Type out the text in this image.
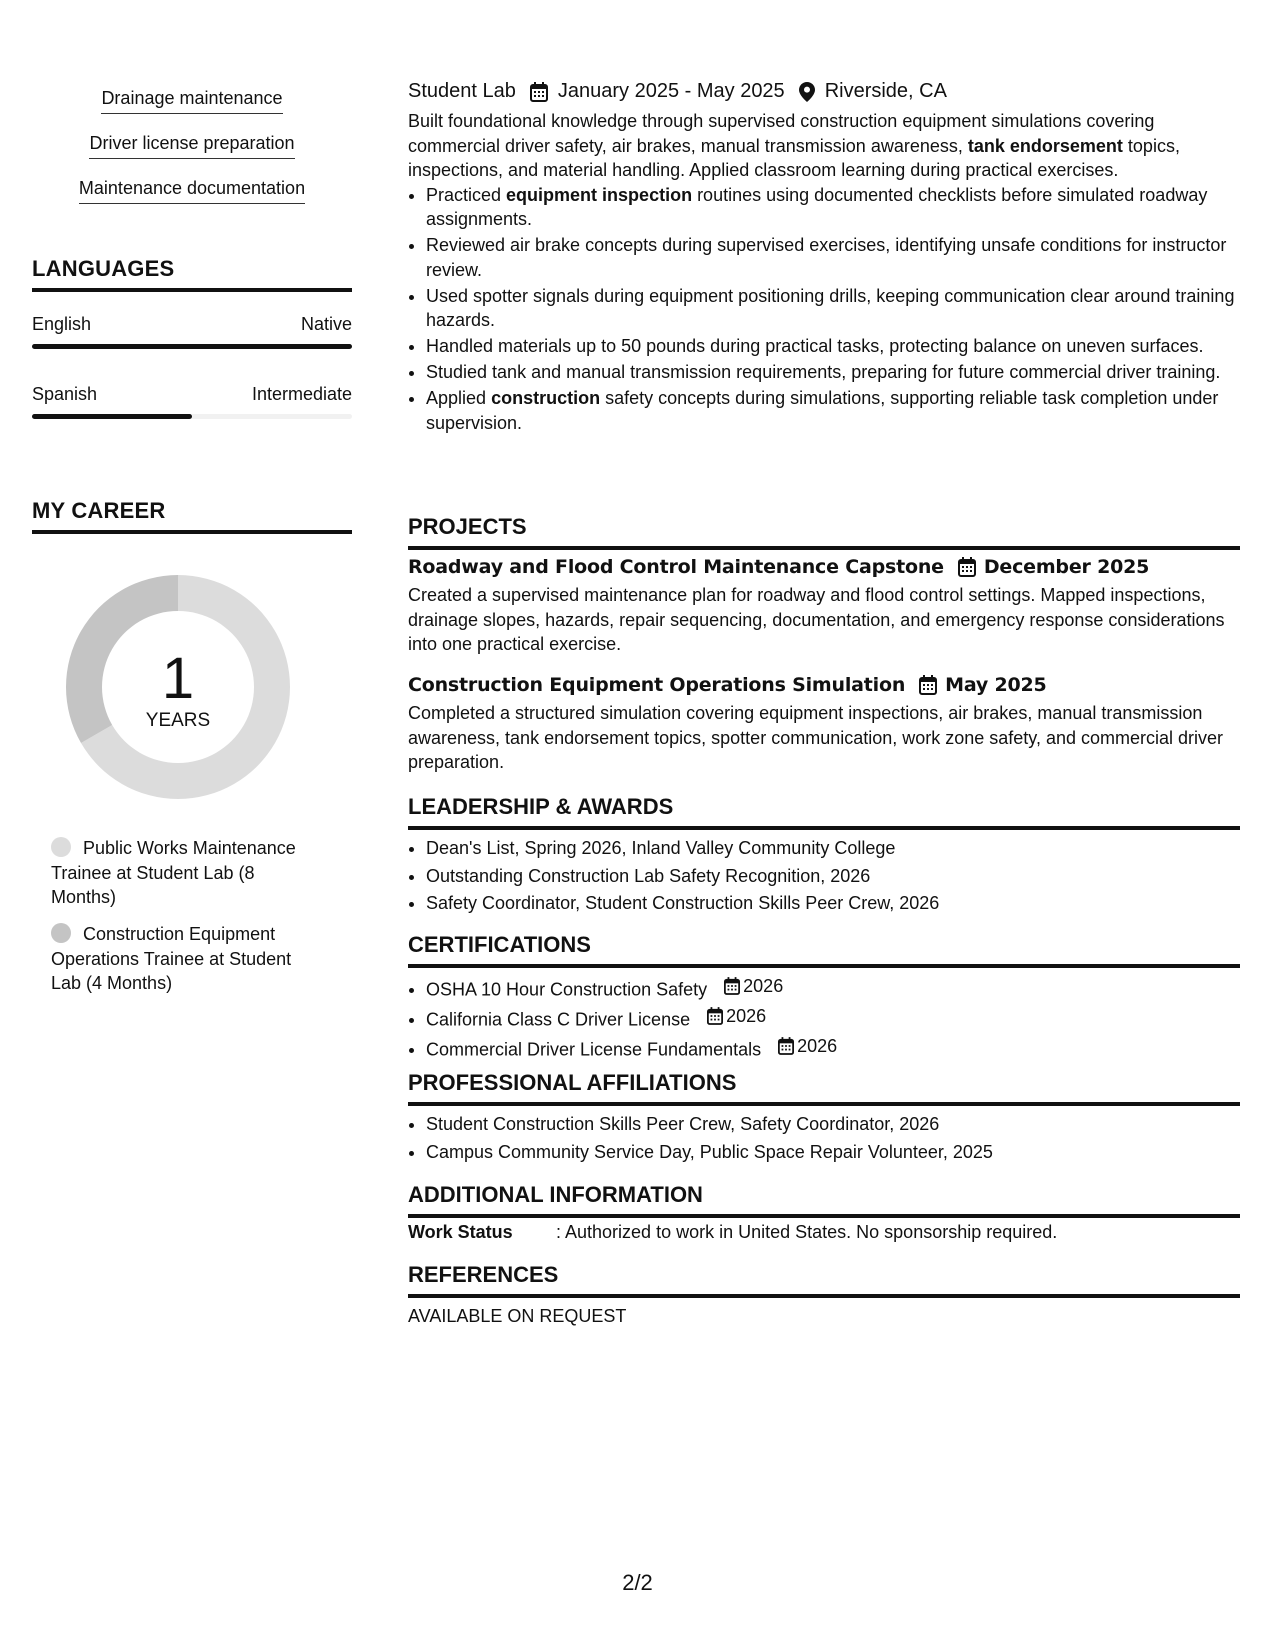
Drainage maintenance
Driver license preparation
Maintenance documentation
LANGUAGES
English	Native
Spanish	Intermediate
MY CAREER
1
YEARS
Public Works Maintenance Trainee at Student Lab (8 Months)
Construction Equipment Operations Trainee at Student Lab (4 Months)
Student Lab January 2025 - May 2025 Riverside, CA

Built foundational knowledge through supervised construction equipment simulations covering commercial driver safety, air brakes, manual transmission awareness, tank endorsement topics, inspections, and material handling. Applied classroom learning during practical exercises.

• Practiced equipment inspection routines using documented checklists before simulated roadway assignments.
• Reviewed air brake concepts during supervised exercises, identifying unsafe conditions for instructor review.
• Used spotter signals during equipment positioning drills, keeping communication clear around training hazards.
• Handled materials up to 50 pounds during practical tasks, protecting balance on uneven surfaces.
• Studied tank and manual transmission requirements, preparing for future commercial driver training.
• Applied construction safety concepts during simulations, supporting reliable task completion under supervision.
PROJECTS
Roadway and Flood Control Maintenance Capstone December 2025

Created a supervised maintenance plan for roadway and flood control settings. Mapped inspections, drainage slopes, hazards, repair sequencing, documentation, and emergency response considerations into one practical exercise.

Construction Equipment Operations Simulation May 2025

Completed a structured simulation covering equipment inspections, air brakes, manual transmission awareness, tank endorsement topics, spotter communication, work zone safety, and commercial driver preparation.

LEADERSHIP & AWARDS
• Dean's List, Spring 2026, Inland Valley Community College
• Outstanding Construction Lab Safety Recognition, 2026
• Safety Coordinator, Student Construction Skills Peer Crew, 2026
CERTIFICATIONS
• OSHA 10 Hour Construction Safety 2026
• California Class C Driver License 2026
• Commercial Driver License Fundamentals 2026
PROFESSIONAL AFFILIATIONS
• Student Construction Skills Peer Crew, Safety Coordinator, 2026
• Campus Community Service Day, Public Space Repair Volunteer, 2025
ADDITIONAL INFORMATION
Work Status : Authorized to work in United States. No sponsorship required.
REFERENCES
AVAILABLE ON REQUEST
2/2
